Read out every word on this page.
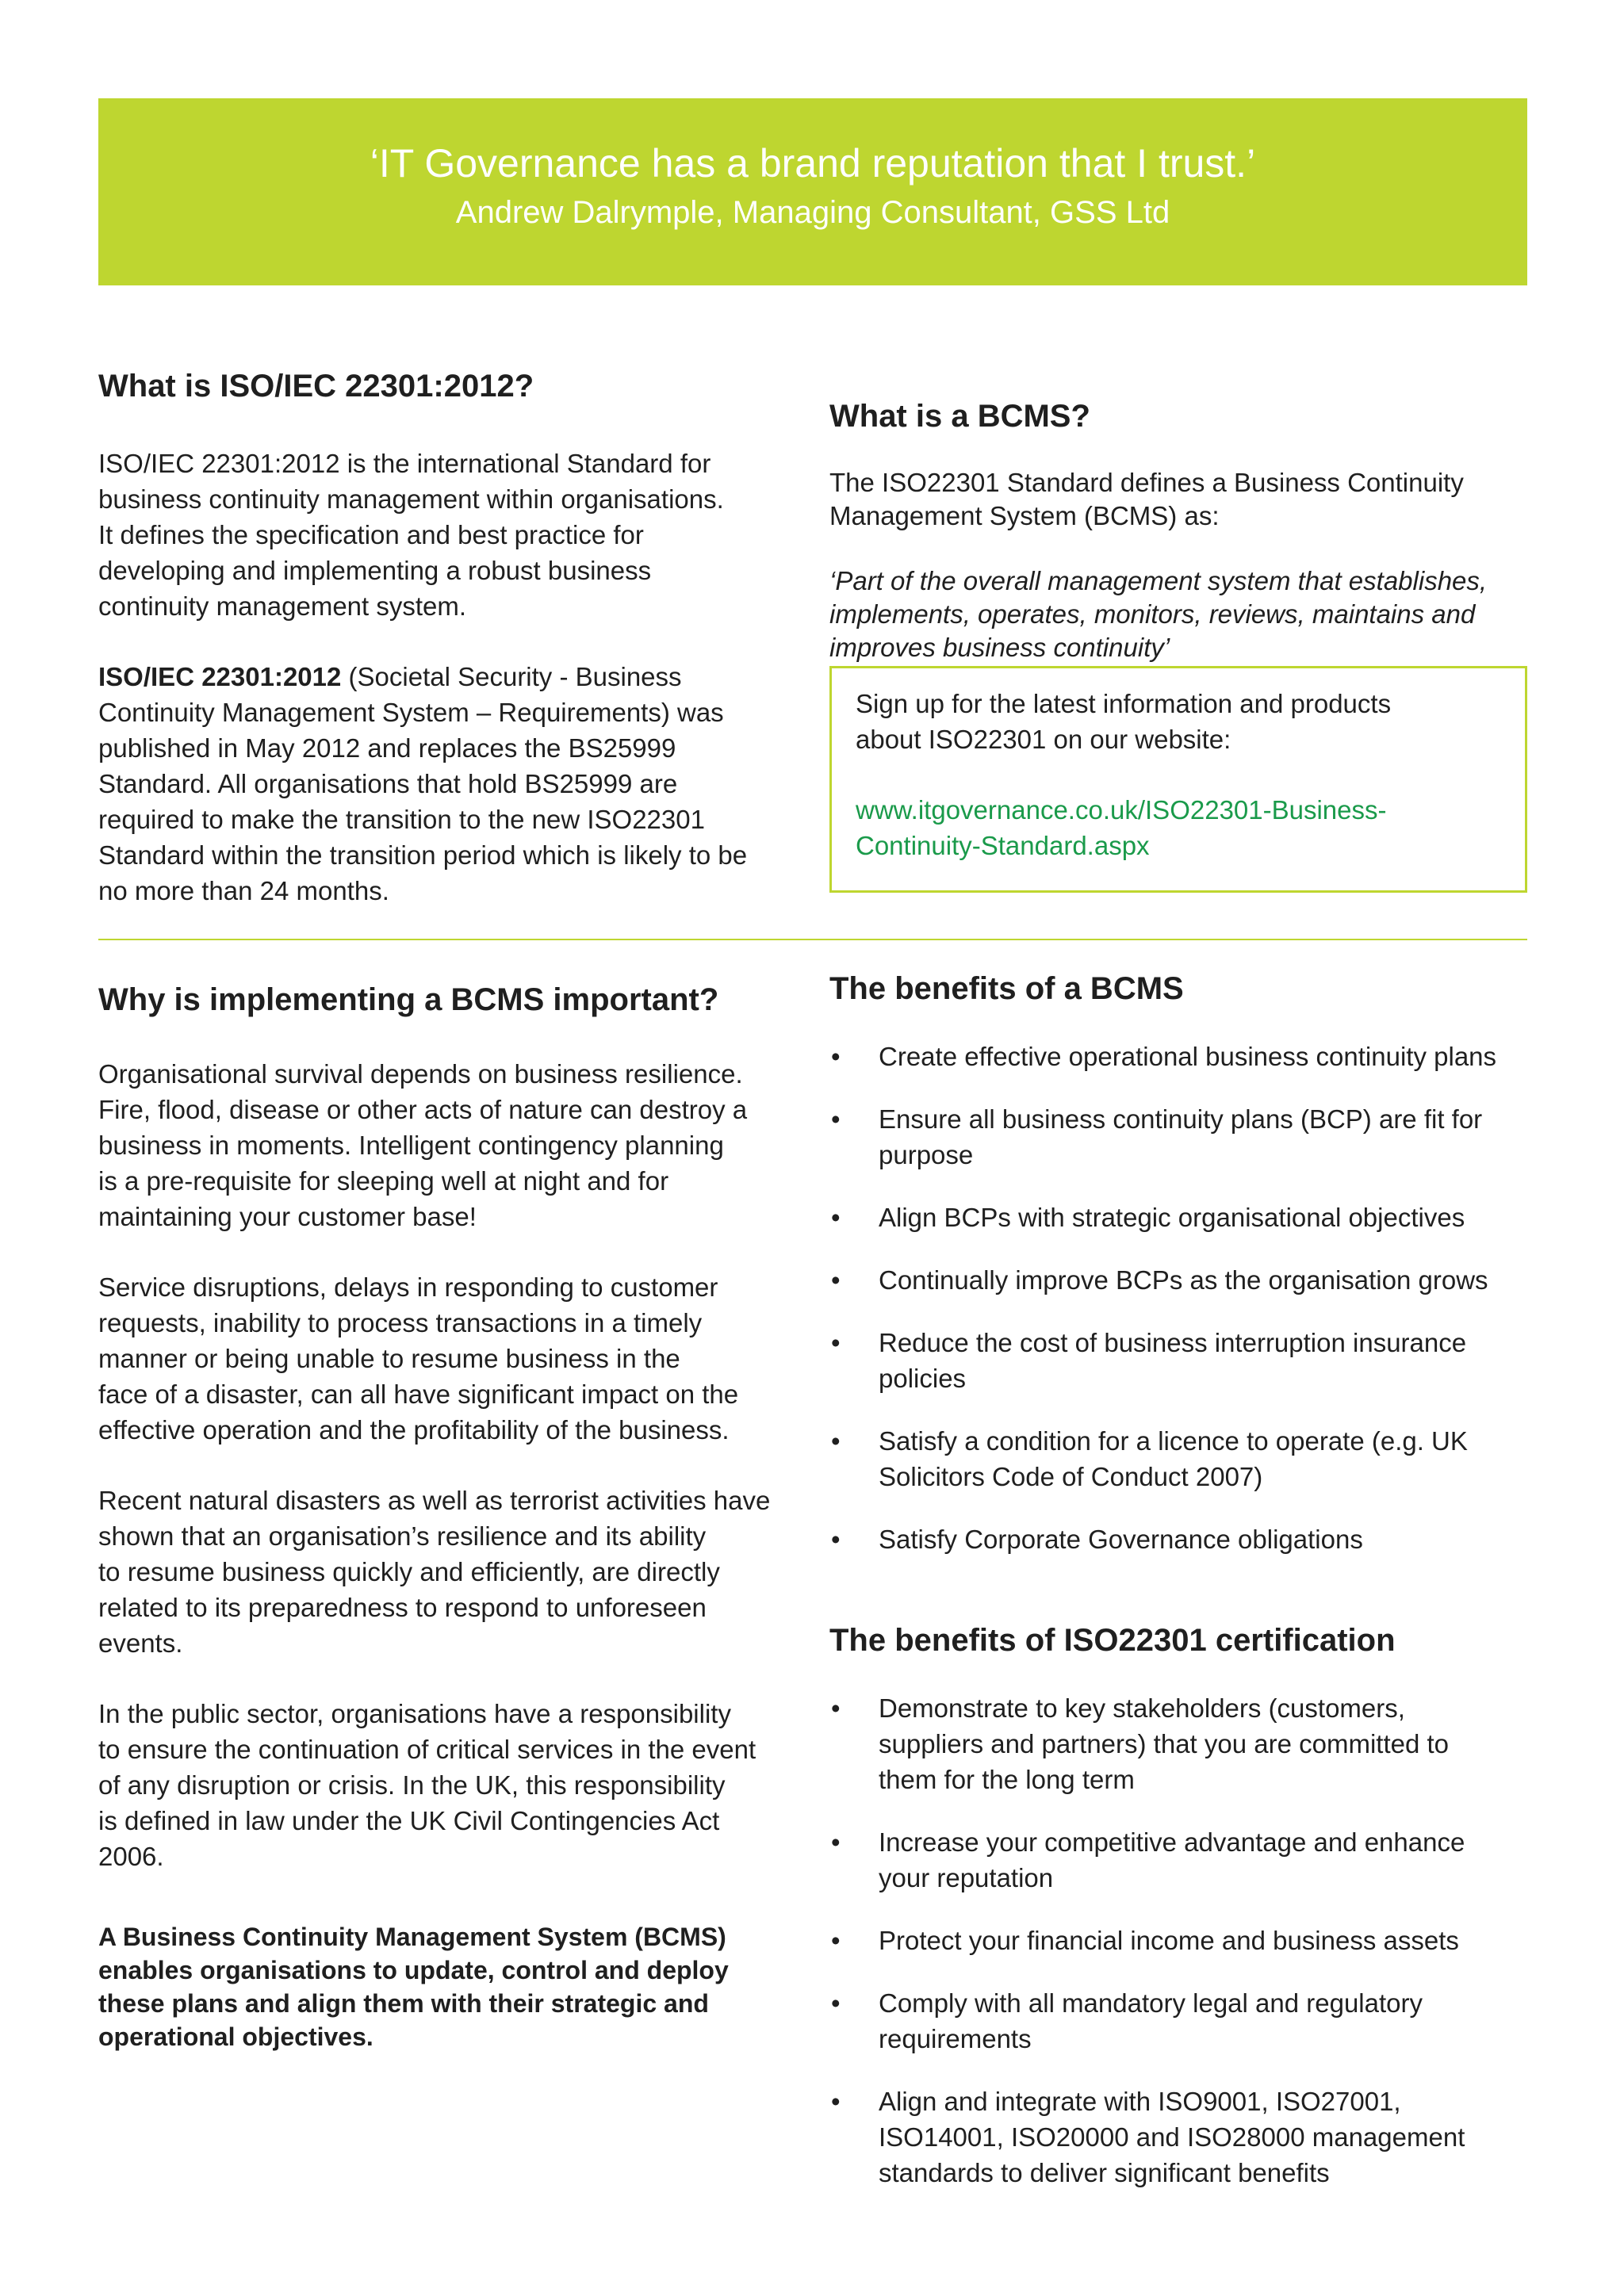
‘IT Governance has a brand reputation that I trust.’
Andrew Dalrymple, Managing Consultant, GSS Ltd
What is ISO/IEC 22301:2012?

ISO/IEC 22301:2012 is the international Standard for
business continuity management within organisations.
It defines the specification and best practice for
developing and implementing a robust business
continuity management system.

ISO/IEC 22301:2012 (Societal Security - Business
Continuity Management System – Requirements) was
published in May 2012 and replaces the BS25999
Standard. All organisations that hold BS25999 are
required to make the transition to the new ISO22301
Standard within the transition period which is likely to be
no more than 24 months.

What is a BCMS?

The ISO22301 Standard defines a Business Continuity
Management System (BCMS) as:

‘Part of the overall management system that establishes,
implements, operates, monitors, reviews, maintains and
improves business continuity’

Sign up for the latest information and products
about ISO22301 on our website:

www.itgovernance.co.uk/ISO22301-Business-
Continuity-Standard.aspx
Why is implementing a BCMS important?

Organisational survival depends on business resilience.
Fire, flood, disease or other acts of nature can destroy a
business in moments. Intelligent contingency planning
is a pre-requisite for sleeping well at night and for
maintaining your customer base!

Service disruptions, delays in responding to customer
requests, inability to process transactions in a timely
manner or being unable to resume business in the
face of a disaster, can all have significant impact on the
effective operation and the profitability of the business.

Recent natural disasters as well as terrorist activities have
shown that an organisation’s resilience and its ability
to resume business quickly and efficiently, are directly
related to its preparedness to respond to unforeseen
events.

In the public sector, organisations have a responsibility
to ensure the continuation of critical services in the event
of any disruption or crisis. In the UK, this responsibility
is defined in law under the UK Civil Contingencies Act
2006.

A Business Continuity Management System (BCMS)
enables organisations to update, control and deploy
these plans and align them with their strategic and
operational objectives.

The benefits of a BCMS
• Create effective operational business continuity plans
• Ensure all business continuity plans (BCP) are fit for
purpose
• Align BCPs with strategic organisational objectives
• Continually improve BCPs as the organisation grows
• Reduce the cost of business interruption insurance
policies
• Satisfy a condition for a licence to operate (e.g. UK
Solicitors Code of Conduct 2007)
• Satisfy Corporate Governance obligations
The benefits of ISO22301 certification
• Demonstrate to key stakeholders (customers,
suppliers and partners) that you are committed to
them for the long term
• Increase your competitive advantage and enhance
your reputation
• Protect your financial income and business assets
• Comply with all mandatory legal and regulatory
requirements
• Align and integrate with ISO9001, ISO27001,
ISO14001, ISO20000 and ISO28000 management
standards to deliver significant benefits
